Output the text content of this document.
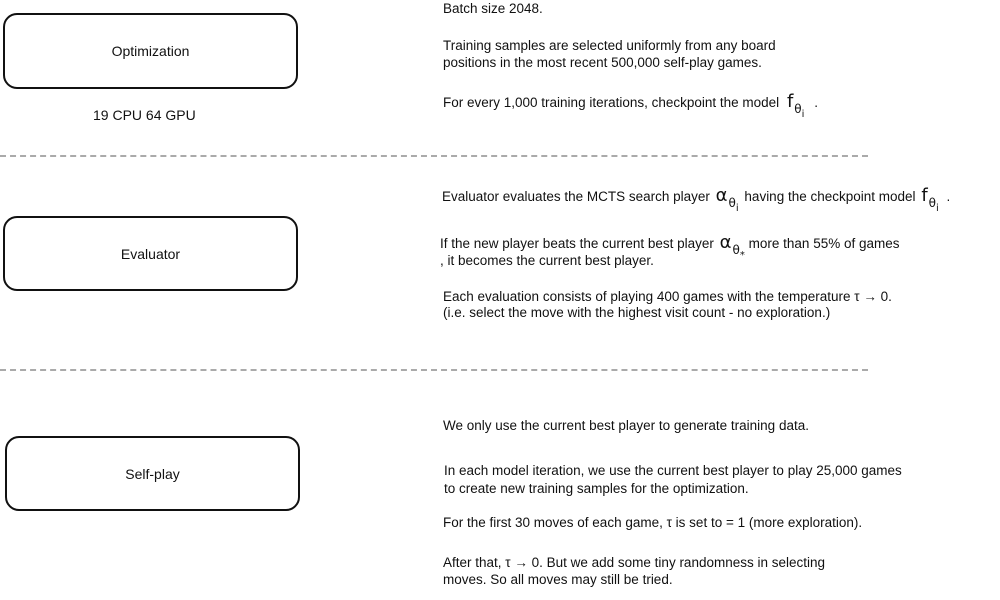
Optimization
19 CPU 64 GPU
Batch size 2048.
Training samples are selected uniformly from any board
positions in the most recent 500,000 self-play games.
For every 1,000 training iterations, checkpoint the model $f_{\theta i}$ .
Evaluator
Evaluator evaluates the MCTS search player $\alpha_{\theta i}$ having the checkpoint model $f_{\theta i}$ .
If the new player beats the current best player $\alpha_{\theta*}$ more than 55% of games
, it becomes the current best player.
Each evaluation consists of playing 400 games with the temperature τ → 0.
(i.e. select the move with the highest visit count - no exploration.)
Self-play
We only use the current best player to generate training data.
In each model iteration, we use the current best player to play 25,000 games
to create new training samples for the optimization.
For the first 30 moves of each game, τ is set to = 1 (more exploration).
After that, τ → 0. But we add some tiny randomness in selecting
moves. So all moves may still be tried.
